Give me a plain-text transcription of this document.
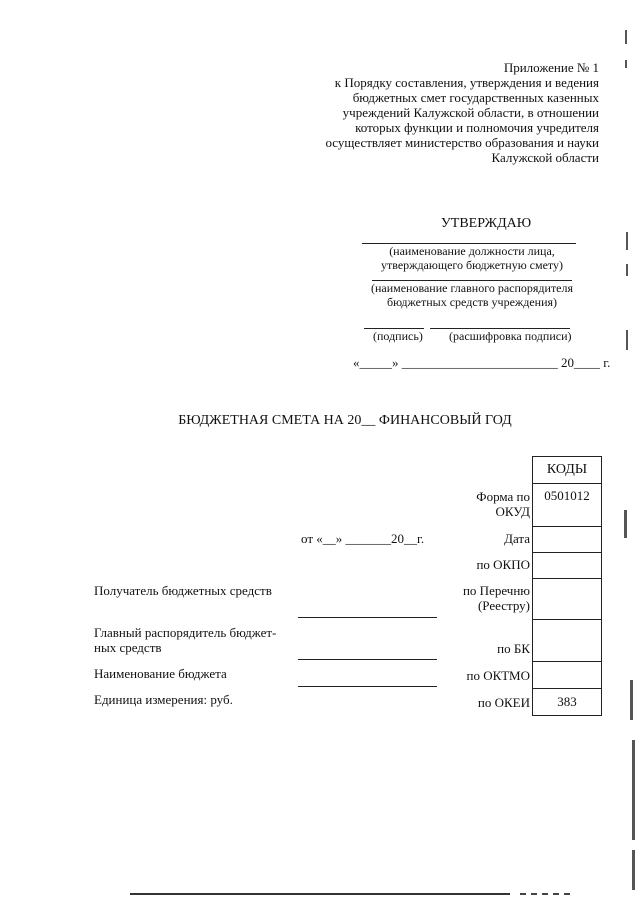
Приложение № 1
к Порядку составления, утверждения и ведения
бюджетных смет государственных казенных
учреждений Калужской области, в отношении
которых функции и полномочия учредителя
осуществляет министерство образования и науки
Калужской области
УТВЕРЖДАЮ
(наименование должности лица,
утверждающего бюджетную смету)
(наименование главного распорядителя
бюджетных средств учреждения)
(подпись) (расшифровка подписи)
«_____» ________________________ 20____ г.
БЮДЖЕТНАЯ СМЕТА НА 20__ ФИНАНСОВЫЙ ГОД
КОДЫ
0501012
383
Форма по
ОКУД
Дата
по ОКПО
по Перечню
(Реестру)
по БК
по ОКТМО
по ОКЕИ
от «__» _______20__г.
Получатель бюджетных средств
Главный распорядитель бюджет-
ных средств
Наименование бюджета
Единица измерения: руб.
